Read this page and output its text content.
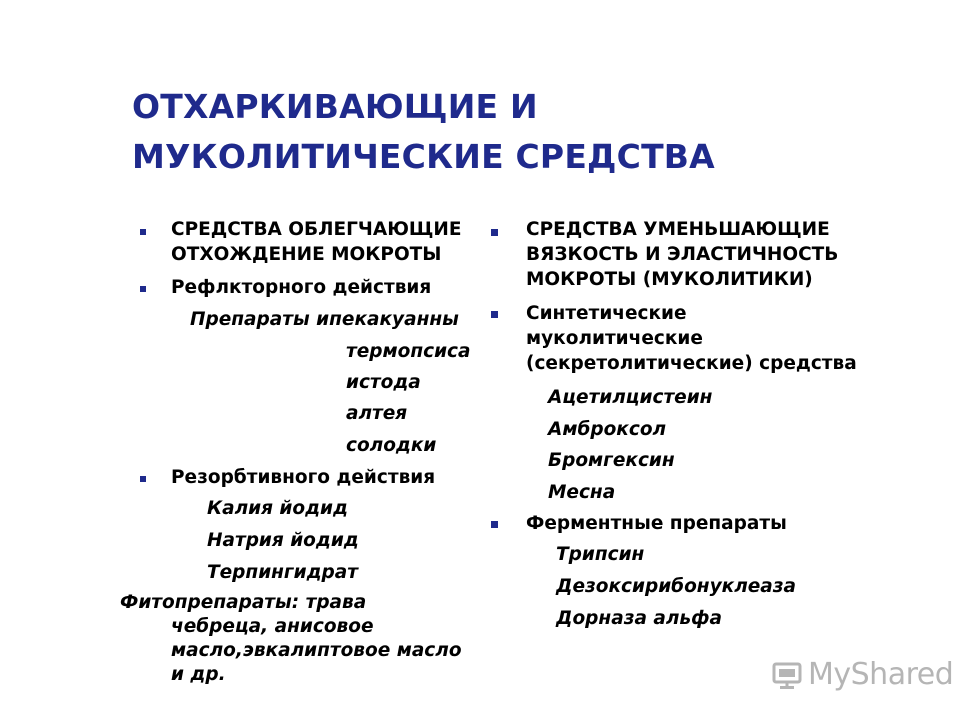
ОТХАРКИВАЮЩИЕ И
МУКОЛИТИЧЕСКИЕ СРЕДСТВА
СРЕДСТВА ОБЛЕГЧАЮЩИЕ
ОТХОЖДЕНИЕ МОКРОТЫ
Рефлкторного действия
Препараты ипекакуанны
термопсиса
истода
алтея
солодки
Резорбтивного действия
Калия йодид
Натрия йодид
Терпингидрат
Фитопрепараты: трава
чебреца, анисовое
масло,эвкалиптовое масло
и др.
СРЕДСТВА УМЕНЬШАЮЩИЕ
ВЯЗКОСТЬ И ЭЛАСТИЧНОСТЬ
МОКРОТЫ (МУКОЛИТИКИ)
Синтетические
муколитические
(секретолитические) средства
Ацетилцистеин
Амброксол
Бромгексин
Месна
Ферментные препараты
Трипсин
Дезоксирибонуклеаза
Дорназа альфа
MyShared
